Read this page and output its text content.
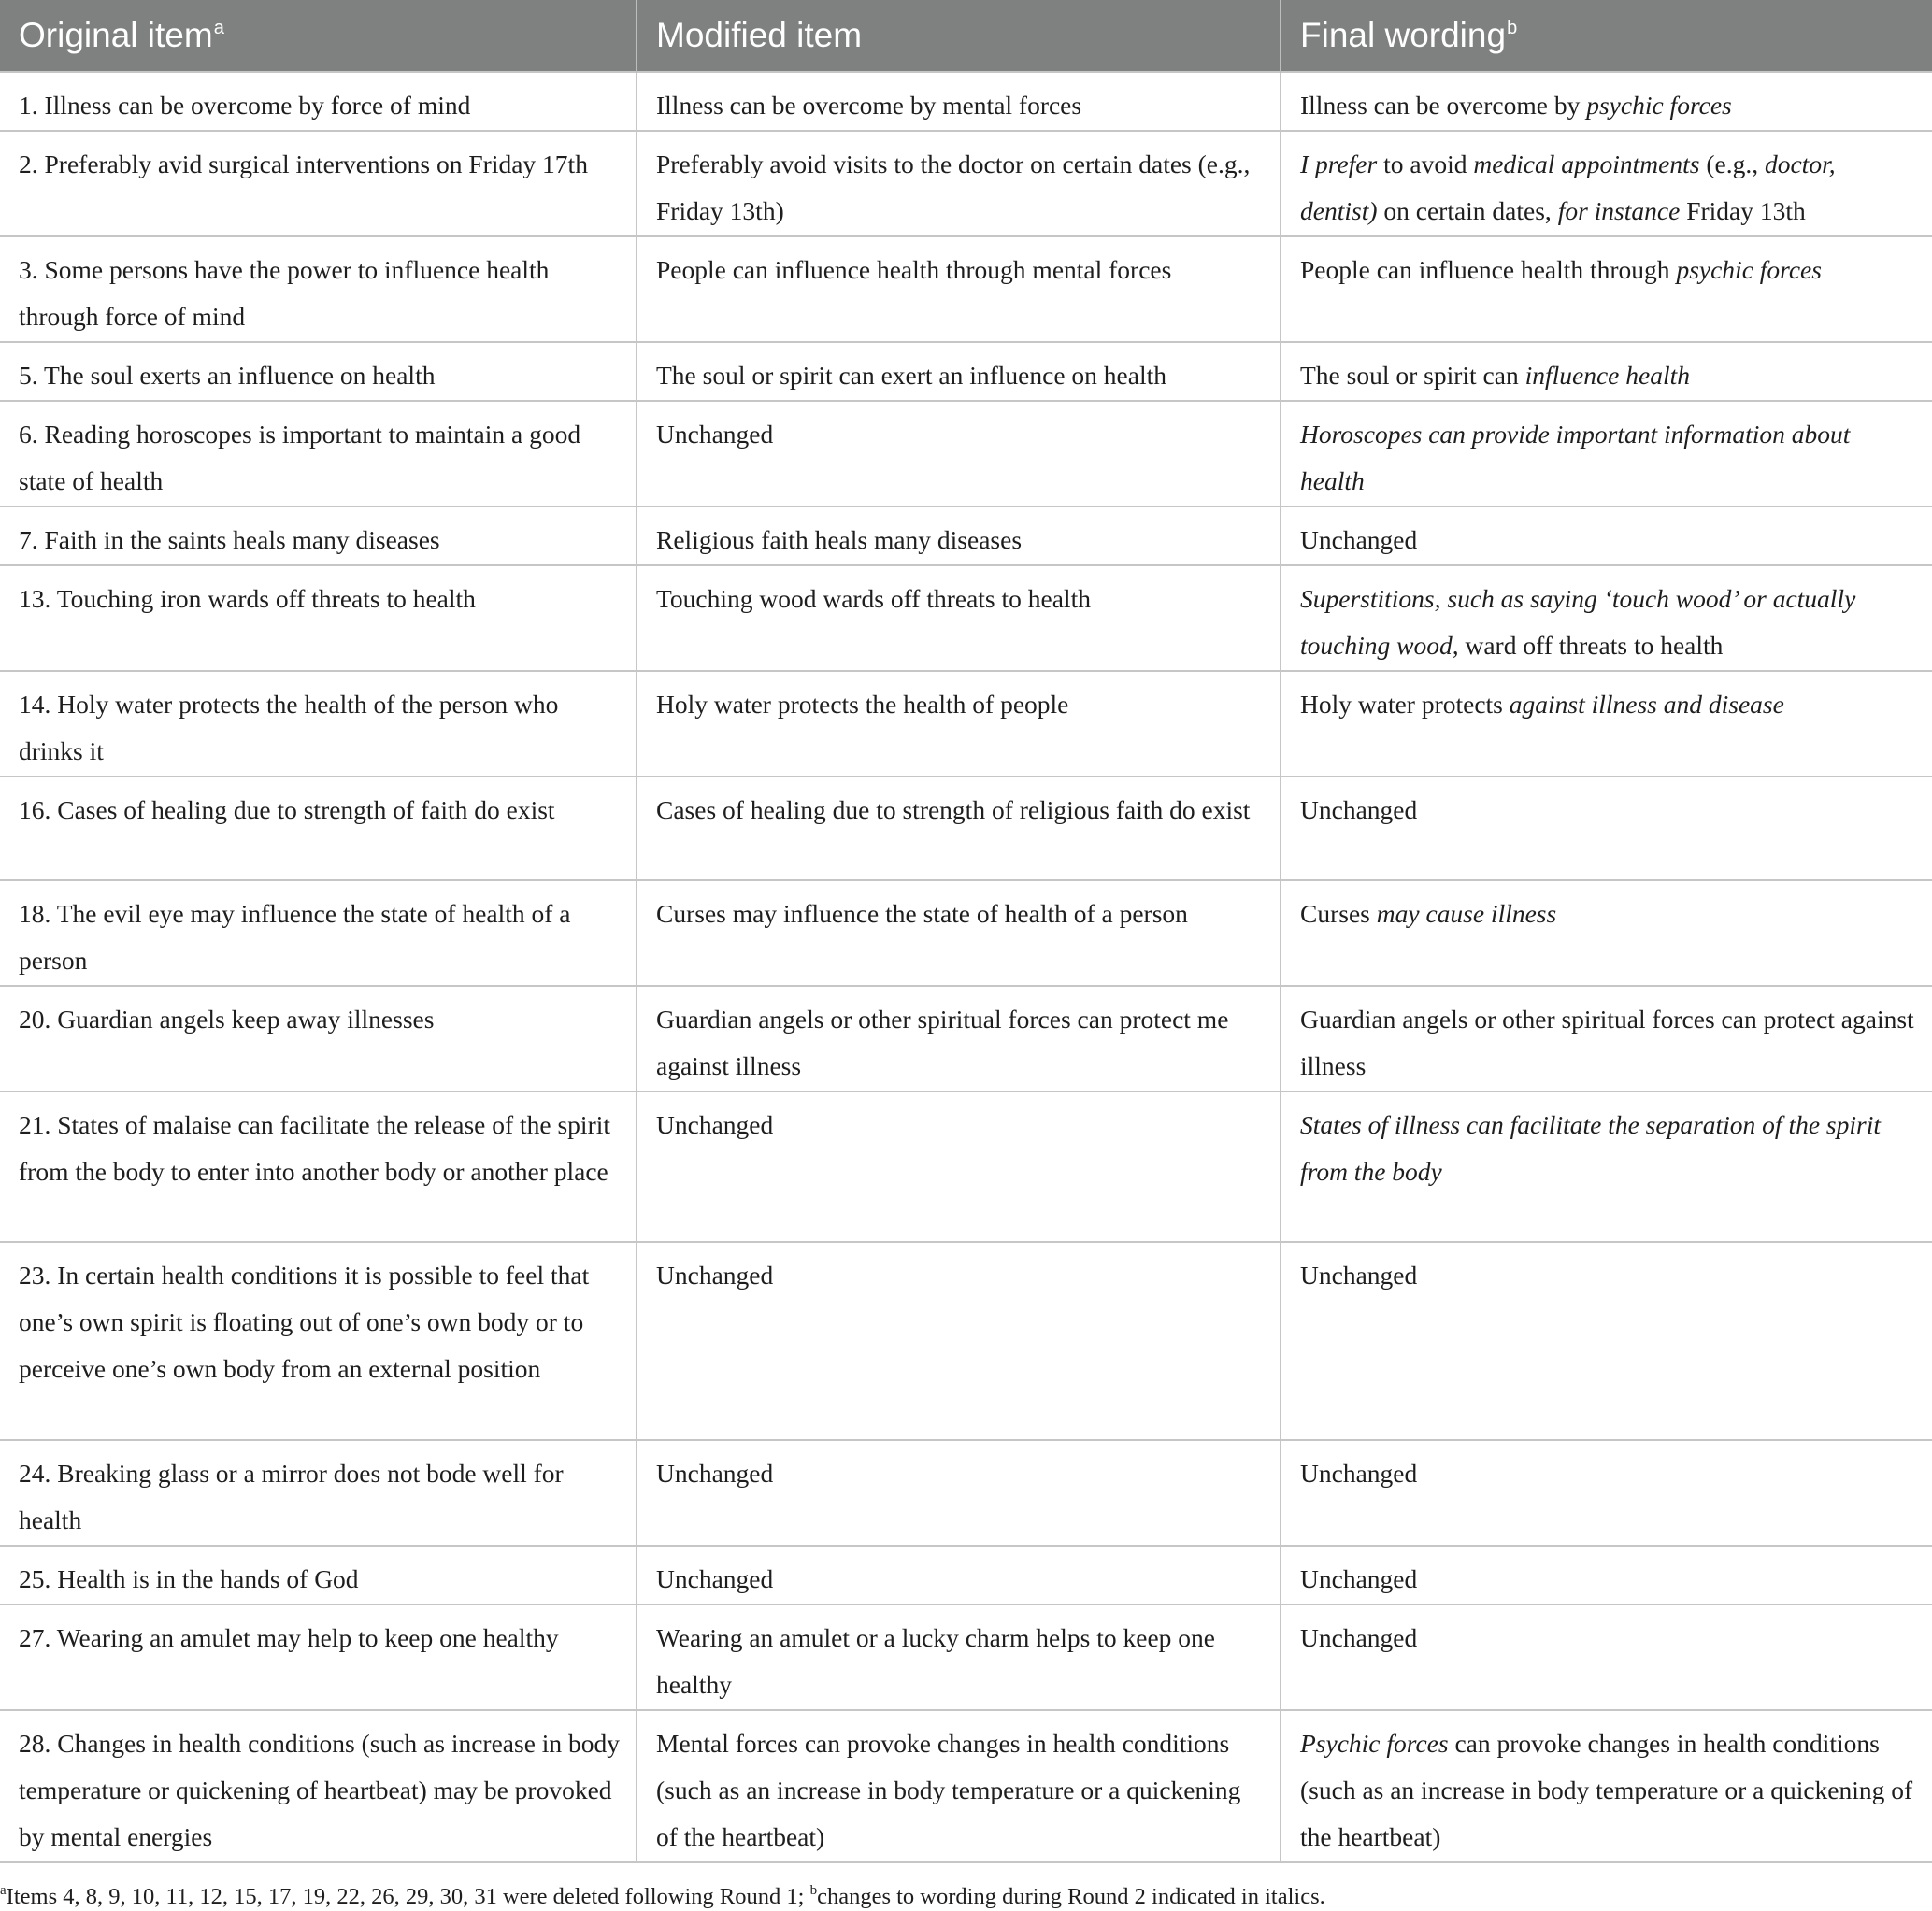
Original item$^a$	Modified item	Final wording$^b$
1. Illness can be overcome by force of mind	Illness can be overcome by mental forces	Illness can be overcome by psychic forces
2. Preferably avid surgical interventions on Friday 17th	Preferably avoid visits to the doctor on certain dates (e.g., Friday 13th)	I prefer to avoid medical appointments (e.g., doctor, dentist) on certain dates, for instance Friday 13th
3. Some persons have the power to influence health through force of mind	People can influence health through mental forces	People can influence health through psychic forces
5. The soul exerts an influence on health	The soul or spirit can exert an influence on health	The soul or spirit can influence health
6. Reading horoscopes is important to maintain a good state of health	Unchanged	Horoscopes can provide important information about health
7. Faith in the saints heals many diseases	Religious faith heals many diseases	Unchanged
13. Touching iron wards off threats to health	Touching wood wards off threats to health	Superstitions, such as saying ‘touch wood’ or actually touching wood, ward off threats to health
14. Holy water protects the health of the person who drinks it	Holy water protects the health of people	Holy water protects against illness and disease
16. Cases of healing due to strength of faith do exist	Cases of healing due to strength of religious faith do exist	Unchanged
18. The evil eye may influence the state of health of a person	Curses may influence the state of health of a person	Curses may cause illness
20. Guardian angels keep away illnesses	Guardian angels or other spiritual forces can protect me against illness	Guardian angels or other spiritual forces can protect against illness
21. States of malaise can facilitate the release of the spirit from the body to enter into another body or another place	Unchanged	States of illness can facilitate the separation of the spirit from the body
23. In certain health conditions it is possible to feel that one’s own spirit is floating out of one’s own body or to perceive one’s own body from an external position	Unchanged	Unchanged
24. Breaking glass or a mirror does not bode well for health	Unchanged	Unchanged
25. Health is in the hands of God	Unchanged	Unchanged
27. Wearing an amulet may help to keep one healthy	Wearing an amulet or a lucky charm helps to keep one healthy	Unchanged
28. Changes in health conditions (such as increase in body temperature or quickening of heartbeat) may be provoked by mental energies	Mental forces can provoke changes in health conditions (such as an increase in body temperature or a quickening of the heartbeat)	Psychic forces can provoke changes in health conditions (such as an increase in body temperature or a quickening of the heartbeat)
$^a$Items 4, 8, 9, 10, 11, 12, 15, 17, 19, 22, 26, 29, 30, 31 were deleted following Round 1; $^b$changes to wording during Round 2 indicated in italics.
